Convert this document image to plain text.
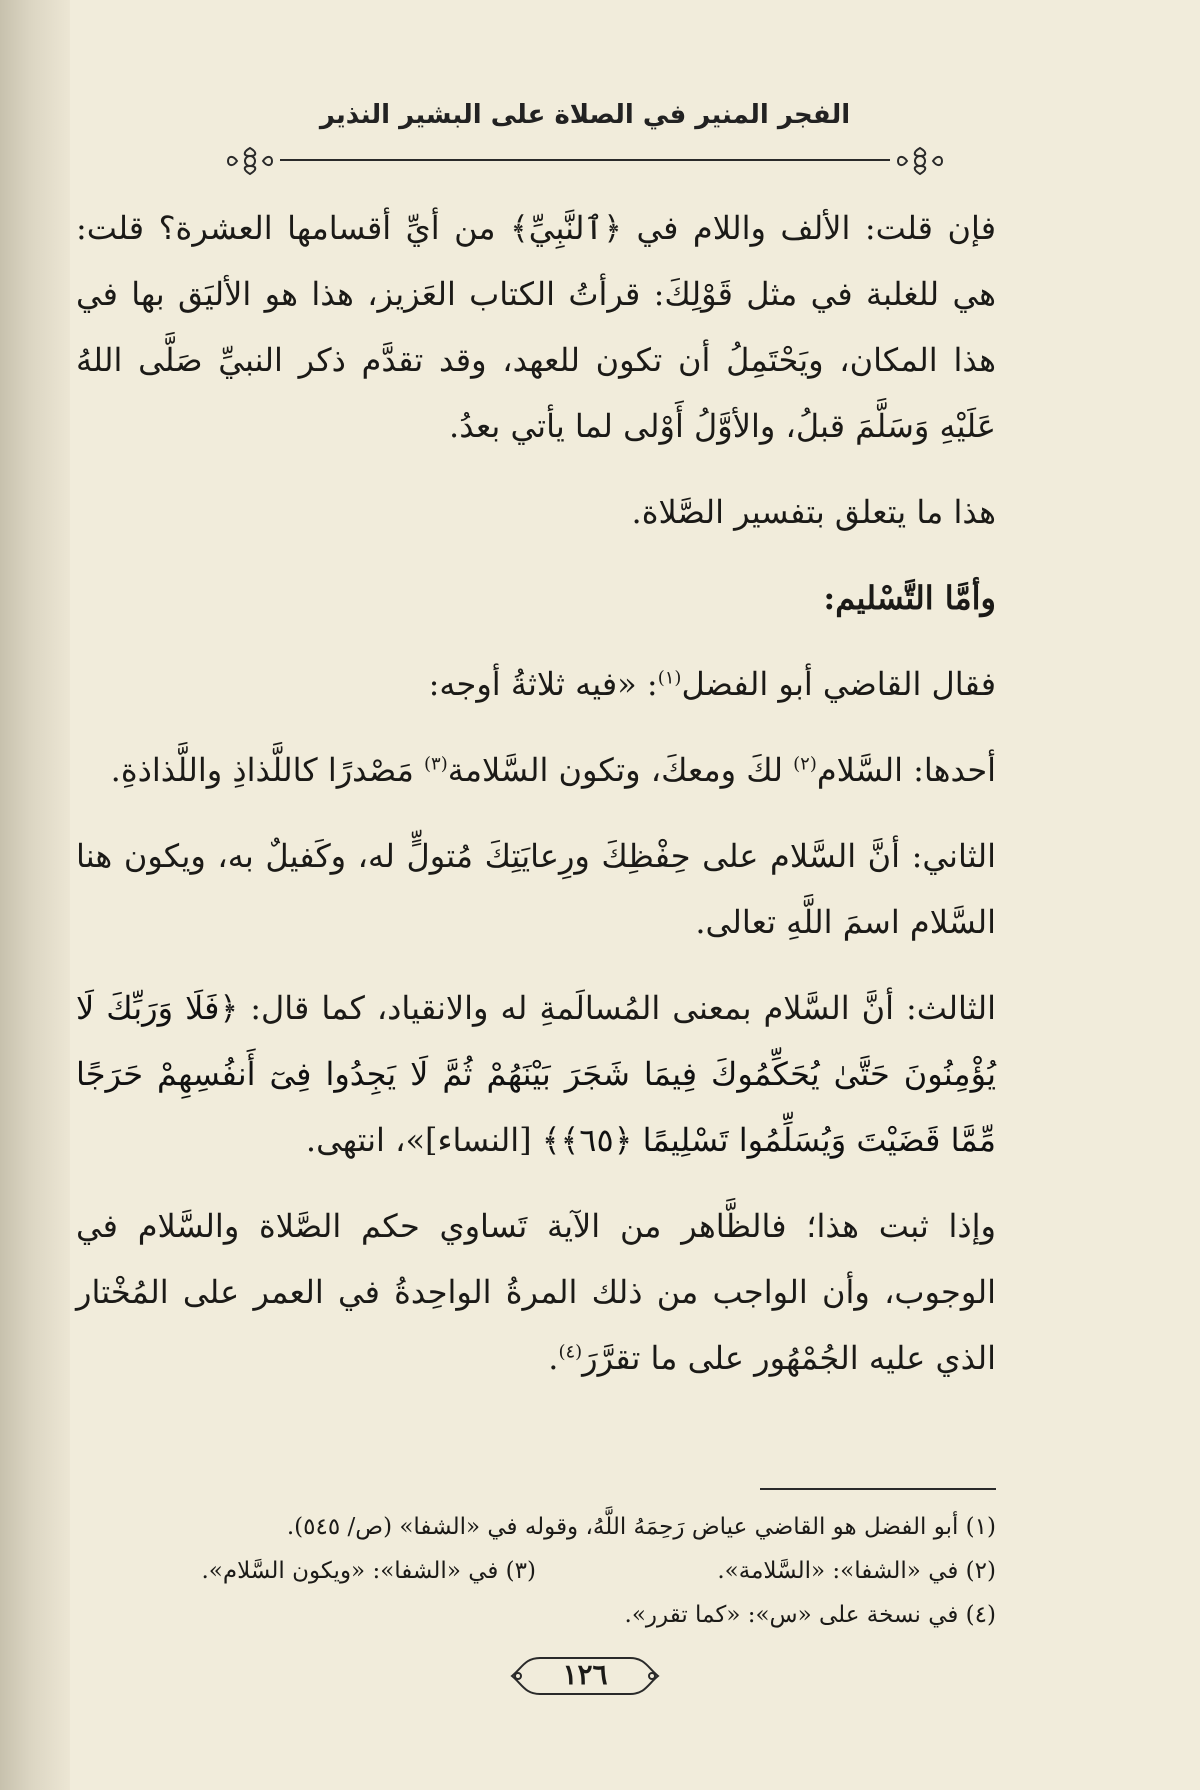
الفجر المنير في الصلاة على البشير النذير

فإن قلت: الألف واللام في ﴿ٱلنَّبِيِّ﴾ من أيِّ أقسامها العشرة؟ قلت: هي للغلبة في مثل قَوْلِكَ: قرأتُ الكتاب العَزيز، هذا هو الأليَق بها في هذا المكان، ويَحْتَمِلُ أن تكون للعهد، وقد تقدَّم ذكر النبيِّ صَلَّى اللهُ عَلَيْهِ وَسَلَّمَ قبلُ، والأوَّلُ أَوْلى لما يأتي بعدُ.

هذا ما يتعلق بتفسير الصَّلاة.

وأمَّا التَّسْليم:

فقال القاضي أبو الفضل$^{(١)}$: «فيه ثلاثةُ أوجه:

أحدها: السَّلام$^{(٢)}$ لكَ ومعكَ، وتكون السَّلامة$^{(٣)}$ مَصْدرًا كاللَّذاذِ واللَّذاذةِ.

الثاني: أنَّ السَّلام على حِفْظِكَ ورِعايَتِكَ مُتولٍّ له، وكَفيلٌ به، ويكون هنا السَّلام اسمَ اللَّهِ تعالى.

الثالث: أنَّ السَّلام بمعنى المُسالَمةِ له والانقياد، كما قال: ﴿فَلَا وَرَبِّكَ لَا يُؤْمِنُونَ حَتَّىٰ يُحَكِّمُوكَ فِيمَا شَجَرَ بَيْنَهُمْ ثُمَّ لَا يَجِدُوا فِىٓ أَنفُسِهِمْ حَرَجًا مِّمَّا قَضَيْتَ وَيُسَلِّمُوا تَسْلِيمًا ﴿٦٥﴾﴾ [النساء]»، انتهى.

وإذا ثبت هذا؛ فالظَّاهر من الآية تَساوي حكم الصَّلاة والسَّلام في الوجوب، وأن الواجب من ذلك المرةُ الواحِدةُ في العمر على المُخْتار الذي عليه الجُمْهُور على ما تقرَّرَ$^{(٤)}$.

(١) أبو الفضل هو القاضي عياض رَحِمَهُ اللَّهُ، وقوله في «الشفا» (ص/ ٥٤٥).

(٢) في «الشفا»: «السَّلامة».
(٣) في «الشفا»: «ويكون السَّلام».

(٤) في نسخة على «س»: «كما تقرر».

١٢٦
